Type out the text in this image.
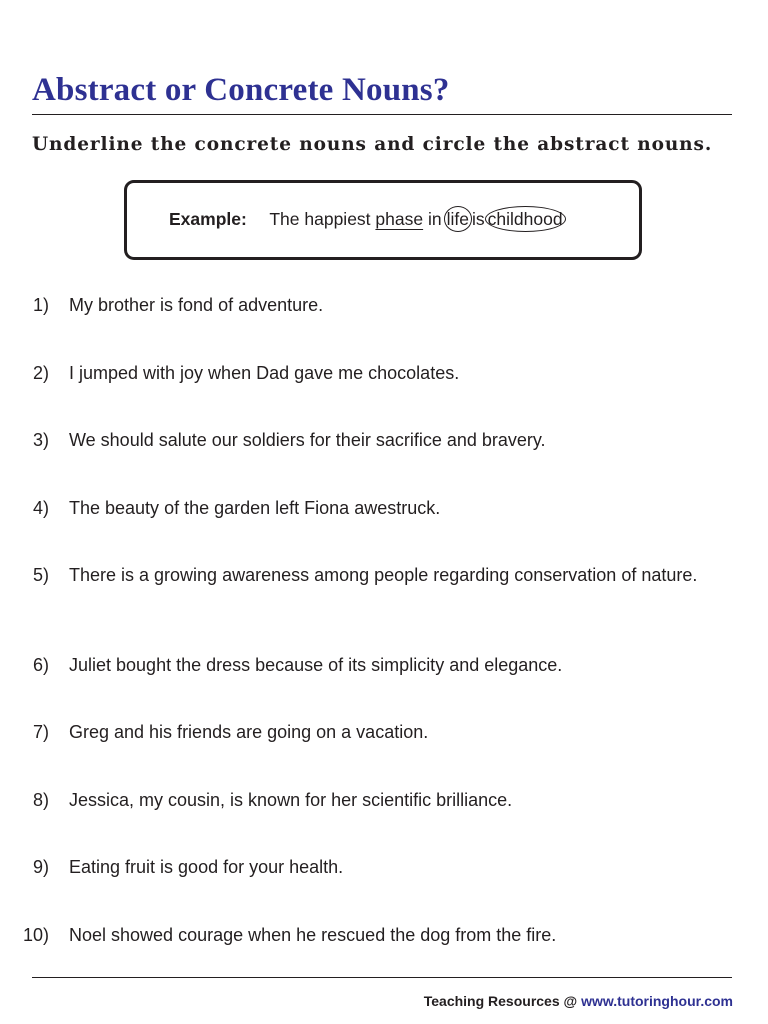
Abstract or Concrete Nouns?

Underline the concrete nouns and circle the abstract nouns.

Example: The happiest phase in life is childhood
1) My brother is fond of adventure.
2) I jumped with joy when Dad gave me chocolates.
3) We should salute our soldiers for their sacrifice and bravery.
4) The beauty of the garden left Fiona awestruck.
5) There is a growing awareness among people regarding conservation of nature.
6) Juliet bought the dress because of its simplicity and elegance.
7) Greg and his friends are going on a vacation.
8) Jessica, my cousin, is known for her scientific brilliance.
9) Eating fruit is good for your health.
10) Noel showed courage when he rescued the dog from the fire.
Teaching Resources @ www.tutoringhour.com
